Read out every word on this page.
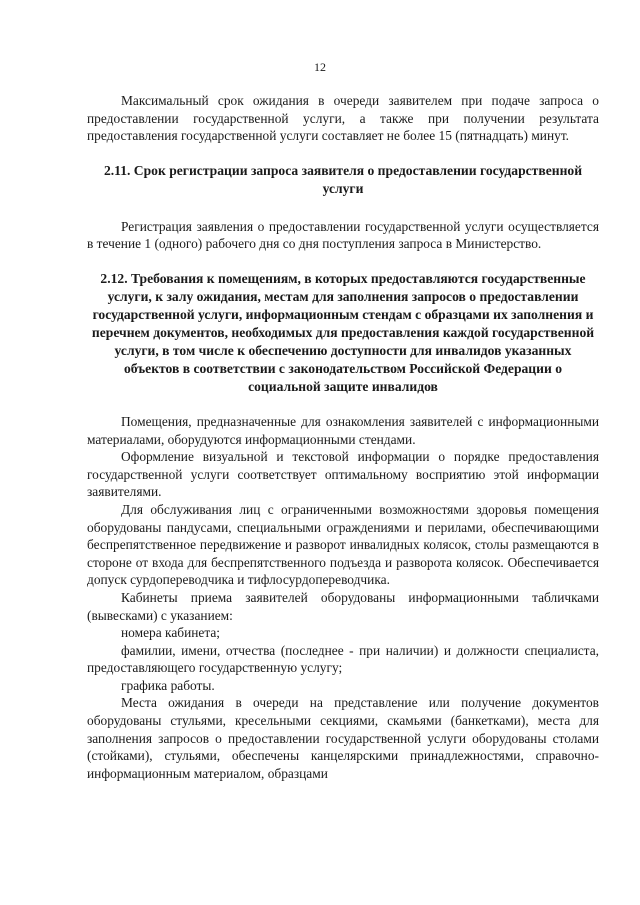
12

Максимальный срок ожидания в очереди заявителем при подаче запроса о предоставлении государственной услуги, а также при получении результата предоставления государственной услуги составляет не более 15 (пятнадцать) минут.

2.11. Срок регистрации запроса заявителя о предоставлении государственной услуги

Регистрация заявления о предоставлении государственной услуги осуществляется в течение 1 (одного) рабочего дня со дня поступления запроса в Министерство.

2.12. Требования к помещениям, в которых предоставляются государственные услуги, к залу ожидания, местам для заполнения запросов о предоставлении государственной услуги, информационным стендам с образцами их заполнения и перечнем документов, необходимых для предоставления каждой государственной услуги, в том числе к обеспечению доступности для инвалидов указанных объектов в соответствии с законодательством Российской Федерации о социальной защите инвалидов

Помещения, предназначенные для ознакомления заявителей с информационными материалами, оборудуются информационными стендами.

Оформление визуальной и текстовой информации о порядке предоставления государственной услуги соответствует оптимальному восприятию этой информации заявителями.

Для обслуживания лиц с ограниченными возможностями здоровья помещения оборудованы пандусами, специальными ограждениями и перилами, обеспечивающими беспрепятственное передвижение и разворот инвалидных колясок, столы размещаются в стороне от входа для беспрепятственного подъезда и разворота колясок. Обеспечивается допуск сурдопереводчика и тифлосурдопереводчика.

Кабинеты приема заявителей оборудованы информационными табличками (вывесками) с указанием:

номера кабинета;

фамилии, имени, отчества (последнее - при наличии) и должности специалиста, предоставляющего государственную услугу;

графика работы.

Места ожидания в очереди на представление или получение документов оборудованы стульями, кресельными секциями, скамьями (банкетками), места для заполнения запросов о предоставлении государственной услуги оборудованы столами (стойками), стульями, обеспечены канцелярскими принадлежностями, справочно-информационным материалом, образцами
